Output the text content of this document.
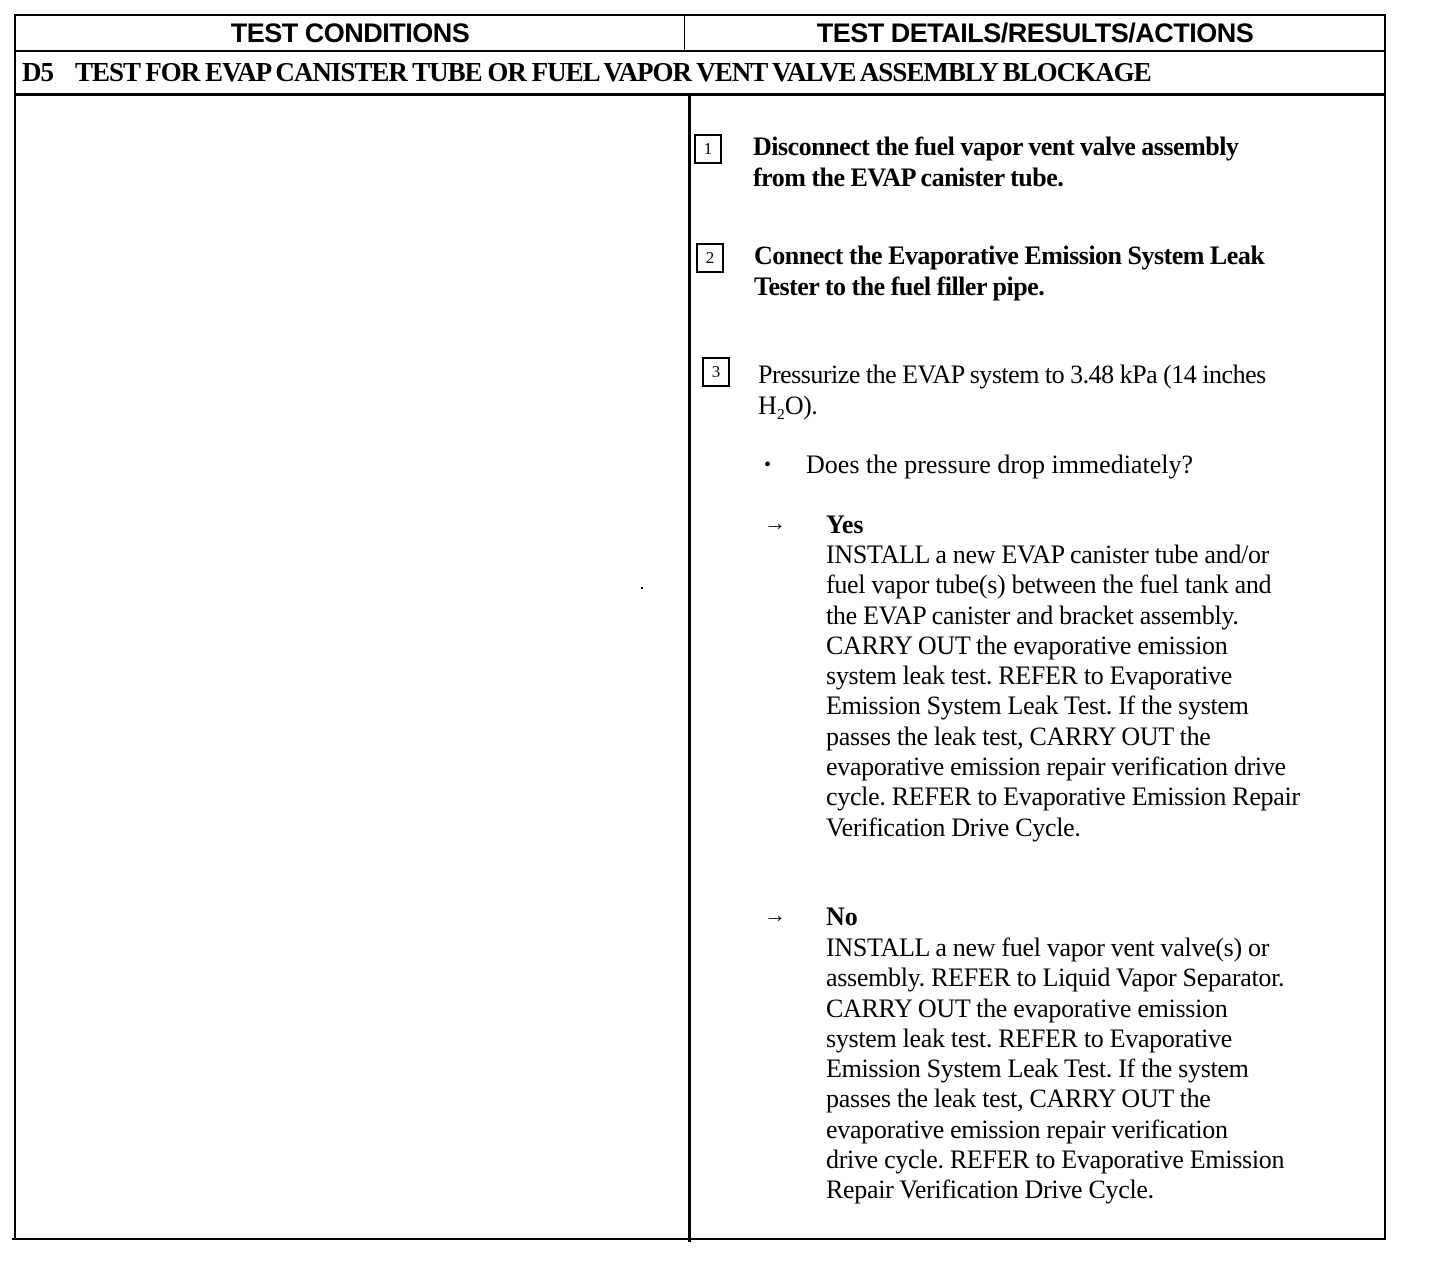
TEST CONDITIONS	TEST DETAILS/RESULTS/ACTIONS
D5 TEST FOR EVAP CANISTER TUBE OR FUEL VAPOR VENT VALVE ASSEMBLY BLOCKAGE
1	Disconnect the fuel vapor vent valve assembly
from the EVAP canister tube.
2	Connect the Evaporative Emission System Leak
Tester to the fuel filler pipe.
3	Pressurize the EVAP system to 3.48 kPa (14 inches
H₂O).
• Does the pressure drop immediately?
→ Yes
INSTALL a new EVAP canister tube and/or
fuel vapor tube(s) between the fuel tank and
the EVAP canister and bracket assembly.
CARRY OUT the evaporative emission
system leak test. REFER to Evaporative
Emission System Leak Test. If the system
passes the leak test, CARRY OUT the
evaporative emission repair verification drive
cycle. REFER to Evaporative Emission Repair
Verification Drive Cycle.
→ No
INSTALL a new fuel vapor vent valve(s) or
assembly. REFER to Liquid Vapor Separator.
CARRY OUT the evaporative emission
system leak test. REFER to Evaporative
Emission System Leak Test. If the system
passes the leak test, CARRY OUT the
evaporative emission repair verification
drive cycle. REFER to Evaporative Emission
Repair Verification Drive Cycle.
